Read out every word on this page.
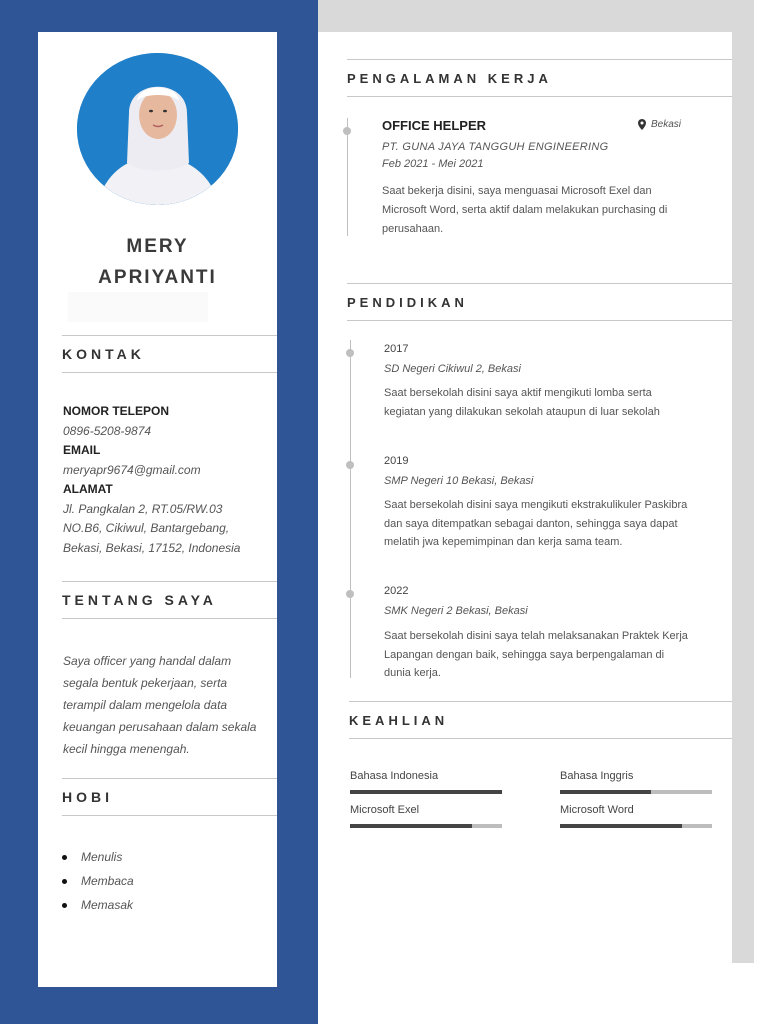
MERY
APRIYANTI
KONTAK
NOMOR TELEPON
0896-5208-9874
EMAIL
meryapr9674@gmail.com
ALAMAT
Jl. Pangkalan 2, RT.05/RW.03
NO.B6, Cikiwul, Bantargebang,
Bekasi, Bekasi, 17152, Indonesia
TENTANG SAYA
Saya officer yang handal dalam
segala bentuk pekerjaan, serta
terampil dalam mengelola data
keuangan perusahaan dalam sekala
kecil hingga menengah.
HOBI
Menulis
Membaca
Memasak
PENGALAMAN KERJA
OFFICE HELPER	Bekasi
PT. GUNA JAYA TANGGUH ENGINEERING
Feb 2021 - Mei 2021
Saat bekerja disini, saya menguasai Microsoft Exel dan
Microsoft Word, serta aktif dalam melakukan purchasing di
perusahaan.
PENDIDIKAN
2017
SD Negeri Cikiwul 2, Bekasi
Saat bersekolah disini saya aktif mengikuti lomba serta
kegiatan yang dilakukan sekolah ataupun di luar sekolah
2019
SMP Negeri 10 Bekasi, Bekasi
Saat bersekolah disini saya mengikuti ekstrakulikuler Paskibra
dan saya ditempatkan sebagai danton, sehingga saya dapat
melatih jwa kepemimpinan dan kerja sama team.
2022
SMK Negeri 2 Bekasi, Bekasi
Saat bersekolah disini saya telah melaksanakan Praktek Kerja
Lapangan dengan baik, sehingga saya berpengalaman di
dunia kerja.
KEAHLIAN
Bahasa Indonesia	Bahasa Inggris
Microsoft Exel	Microsoft Word
